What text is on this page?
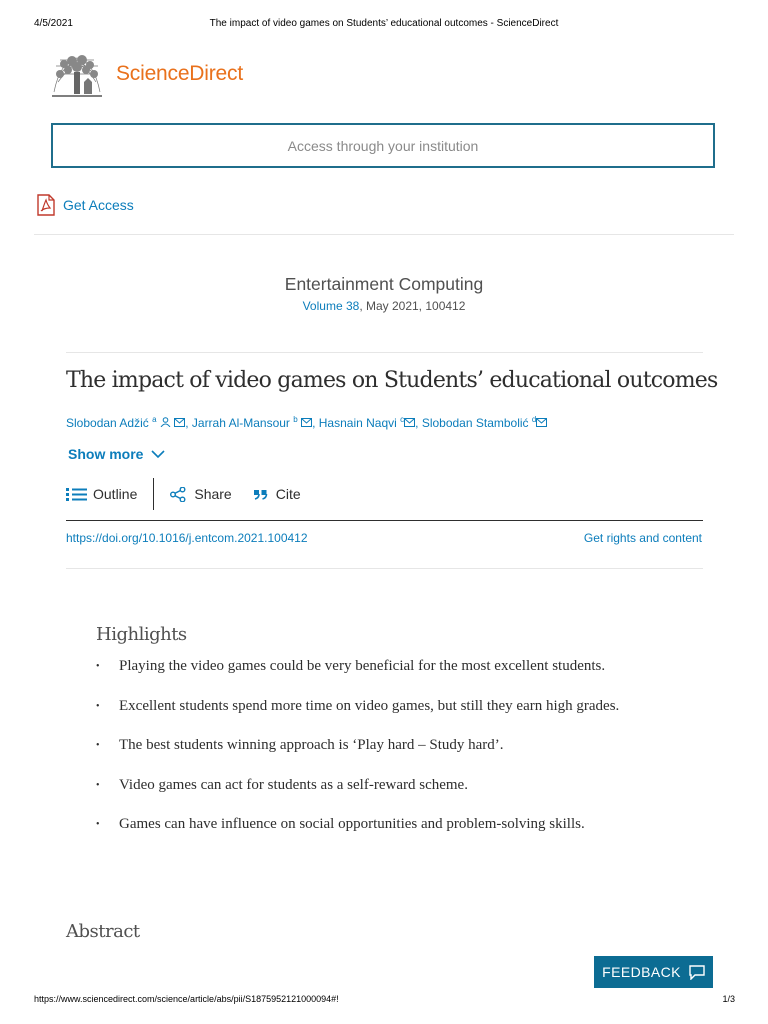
4/5/2021	The impact of video games on Students’ educational outcomes - ScienceDirect
ScienceDirect
Access through your institution
Get Access
Entertainment Computing
Volume 38, May 2021, 100412
The impact of video games on Students’ educational outcomes
Slobodan Adžić $^a$ , Jarrah Al-Mansour $^b$ , Hasnain Naqvi $^c$ , Slobodan Stambolić $^d$
Show more
Outline	Share	Cite
https://doi.org/10.1016/j.entcom.2021.100412	Get rights and content
Highlights
•	Playing the video games could be very beneficial for the most excellent students.
•	Excellent students spend more time on video games, but still they earn high grades.
•	The best students winning approach is ‘Play hard – Study hard’.
•	Video games can act for students as a self-reward scheme.
•	Games can have influence on social opportunities and problem-solving skills.
Abstract
FEEDBACK
https://www.sciencedirect.com/science/article/abs/pii/S187595212100009​4#!	1/3
